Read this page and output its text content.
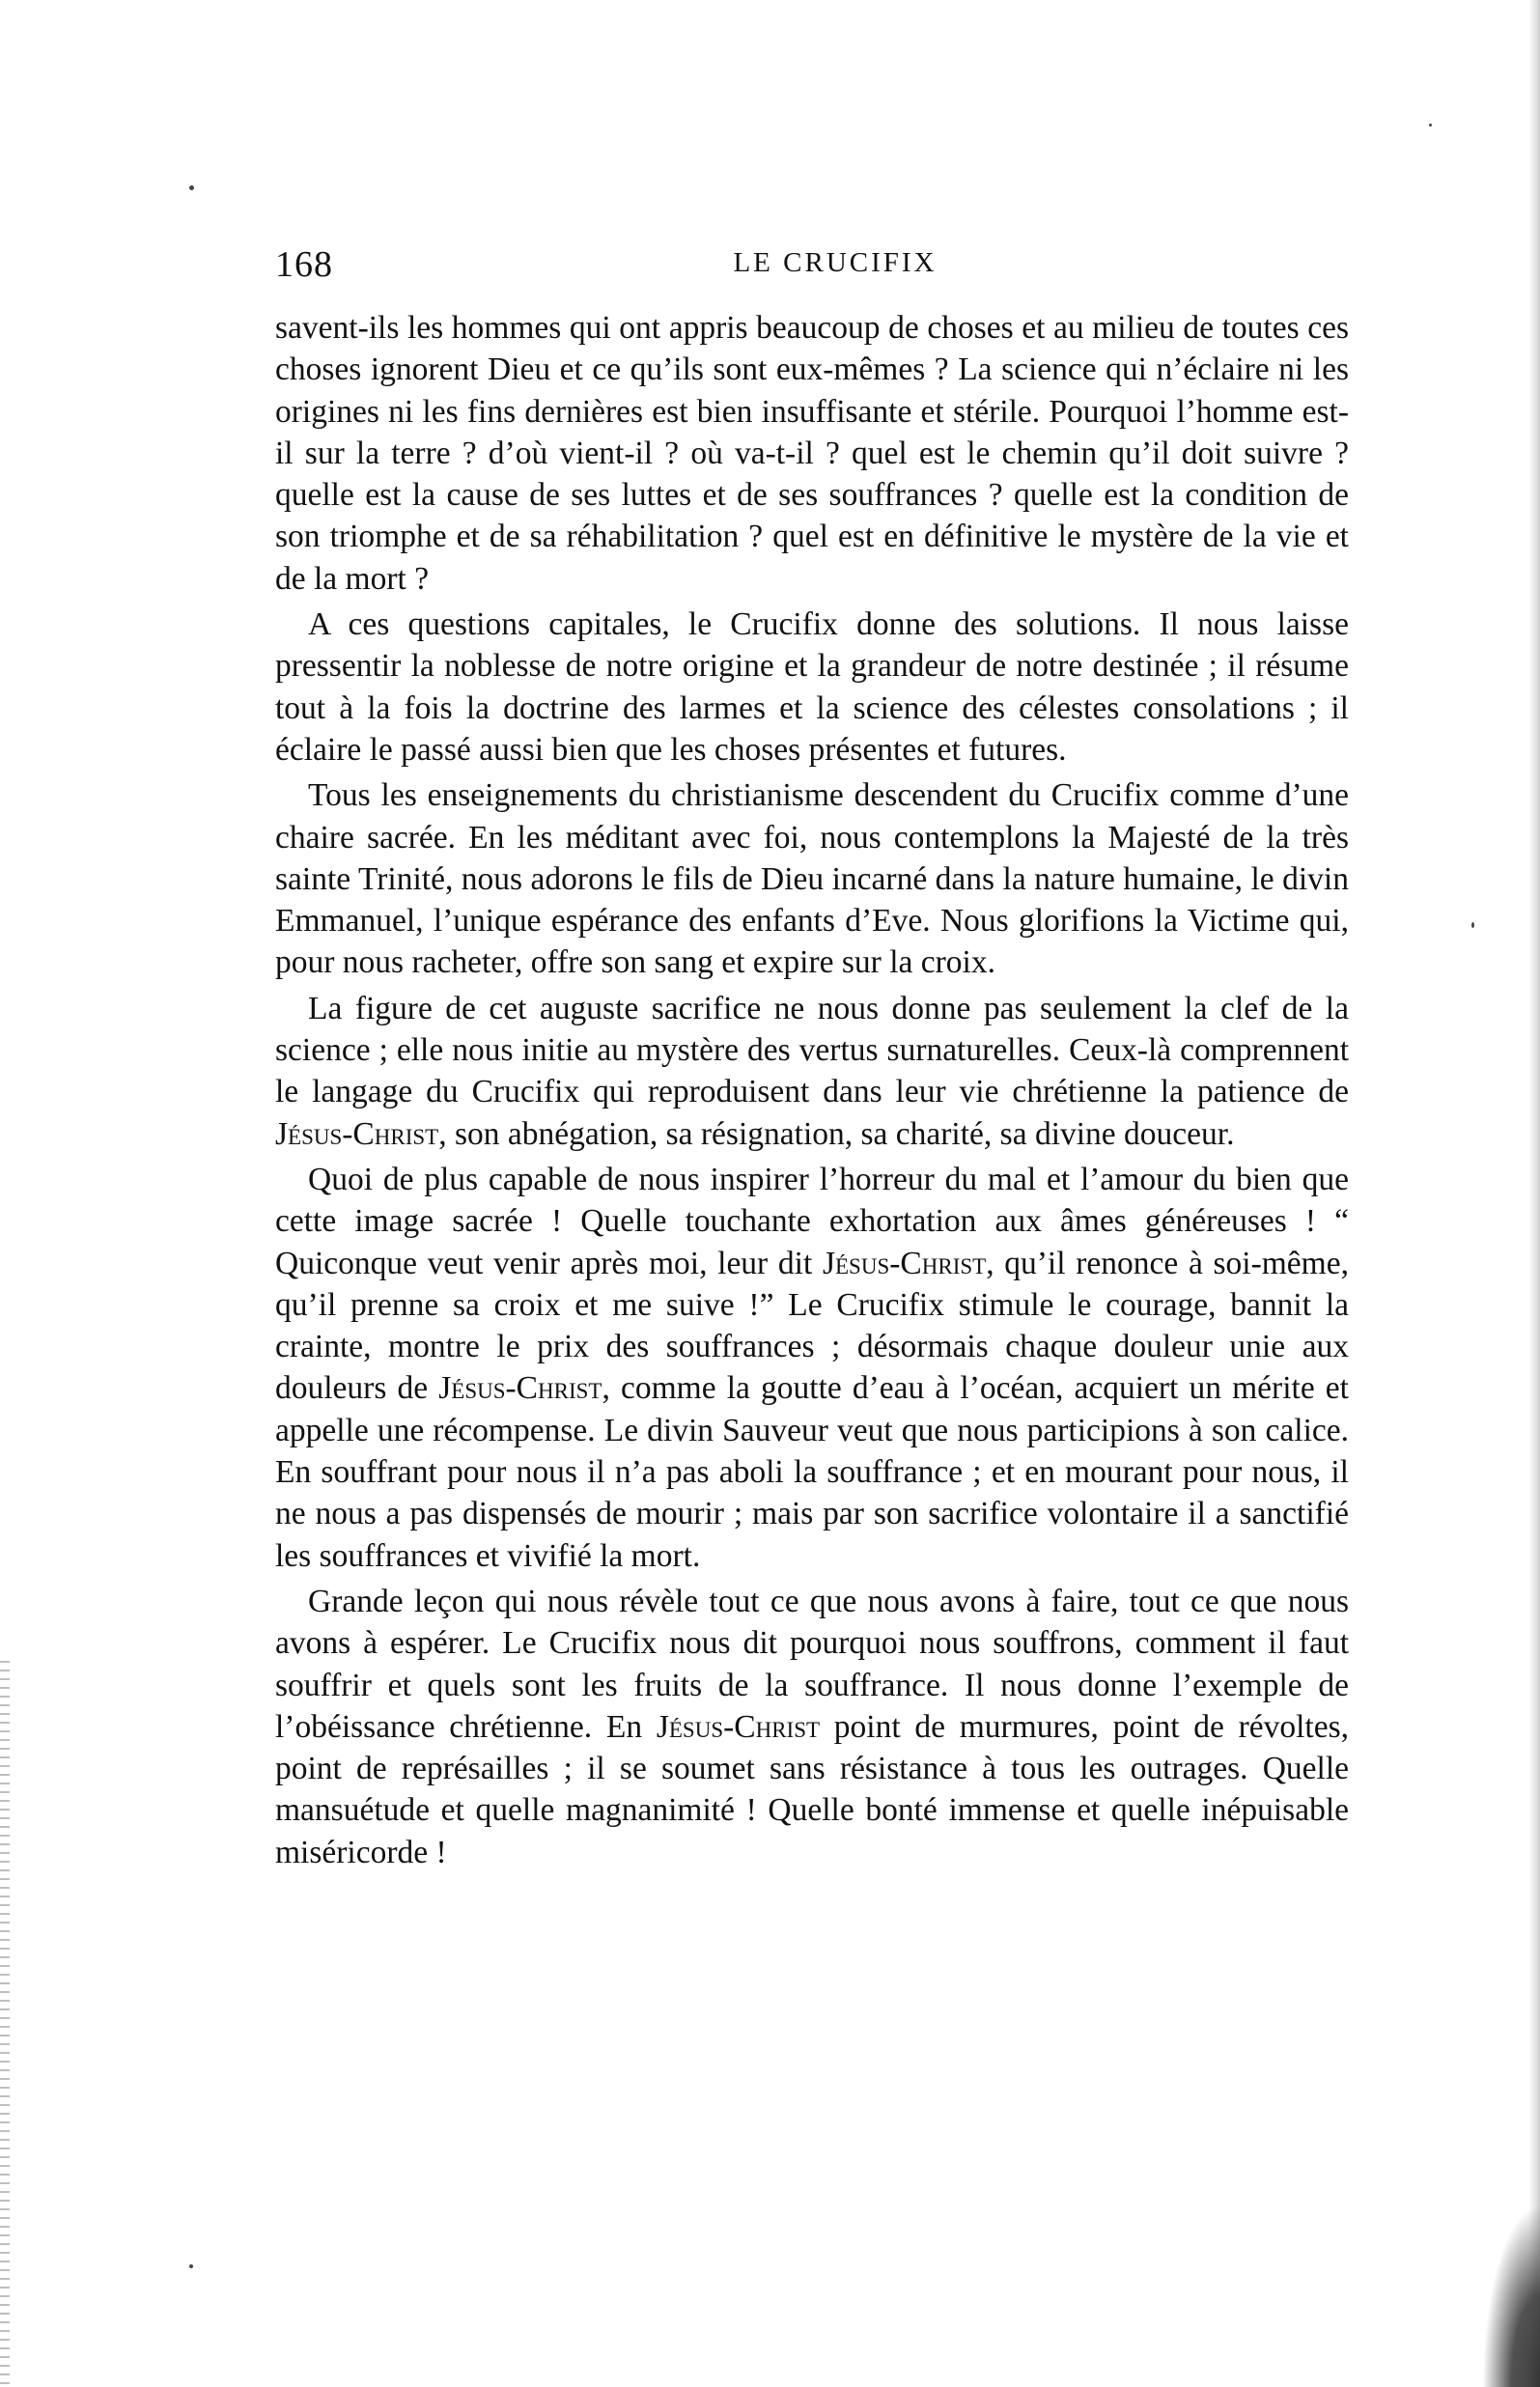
168	LE CRUCIFIX

savent-ils les hommes qui ont appris beaucoup de choses et au milieu de toutes ces choses ignorent Dieu et ce qu’ils sont eux-mêmes ? La science qui n’éclaire ni les origines ni les fins dernières est bien insuffisante et stérile. Pourquoi l’homme est-il sur la terre ? d’où vient-il ? où va-t-il ? quel est le chemin qu’il doit suivre ? quelle est la cause de ses luttes et de ses souffrances ? quelle est la condition de son triomphe et de sa réhabilitation ? quel est en définitive le mystère de la vie et de la mort ?

A ces questions capitales, le Crucifix donne des solutions. Il nous laisse pressentir la noblesse de notre origine et la grandeur de notre destinée ; il résume tout à la fois la doctrine des larmes et la science des célestes consolations ; il éclaire le passé aussi bien que les choses présentes et futures.

Tous les enseignements du christianisme descendent du Crucifix comme d’une chaire sacrée. En les méditant avec foi, nous contemplons la Majesté de la très sainte Trinité, nous adorons le fils de Dieu incarné dans la nature humaine, le divin Emmanuel, l’unique espérance des enfants d’Eve. Nous glorifions la Victime qui, pour nous racheter, offre son sang et expire sur la croix.

La figure de cet auguste sacrifice ne nous donne pas seulement la clef de la science ; elle nous initie au mystère des vertus surnaturelles. Ceux-là comprennent le langage du Crucifix qui reproduisent dans leur vie chrétienne la patience de Jésus-Christ, son abnégation, sa résignation, sa charité, sa divine douceur.

Quoi de plus capable de nous inspirer l’horreur du mal et l’amour du bien que cette image sacrée ! Quelle touchante exhortation aux âmes généreuses ! “ Quiconque veut venir après moi, leur dit Jésus-Christ, qu’il renonce à soi-même, qu’il prenne sa croix et me suive !” Le Crucifix stimule le courage, bannit la crainte, montre le prix des souffrances ; désormais chaque douleur unie aux douleurs de Jésus-Christ, comme la goutte d’eau à l’océan, acquiert un mérite et appelle une récompense. Le divin Sauveur veut que nous participions à son calice. En souffrant pour nous il n’a pas aboli la souffrance ; et en mourant pour nous, il ne nous a pas dispensés de mourir ; mais par son sacrifice volontaire il a sanctifié les souffrances et vivifié la mort.

Grande leçon qui nous révèle tout ce que nous avons à faire, tout ce que nous avons à espérer. Le Crucifix nous dit pourquoi nous souffrons, comment il faut souffrir et quels sont les fruits de la souffrance. Il nous donne l’exemple de l’obéissance chrétienne. En Jésus-Christ point de murmures, point de révoltes, point de représailles ; il se soumet sans résistance à tous les outrages. Quelle mansuétude et quelle magnanimité ! Quelle bonté immense et quelle inépuisable miséricorde !
